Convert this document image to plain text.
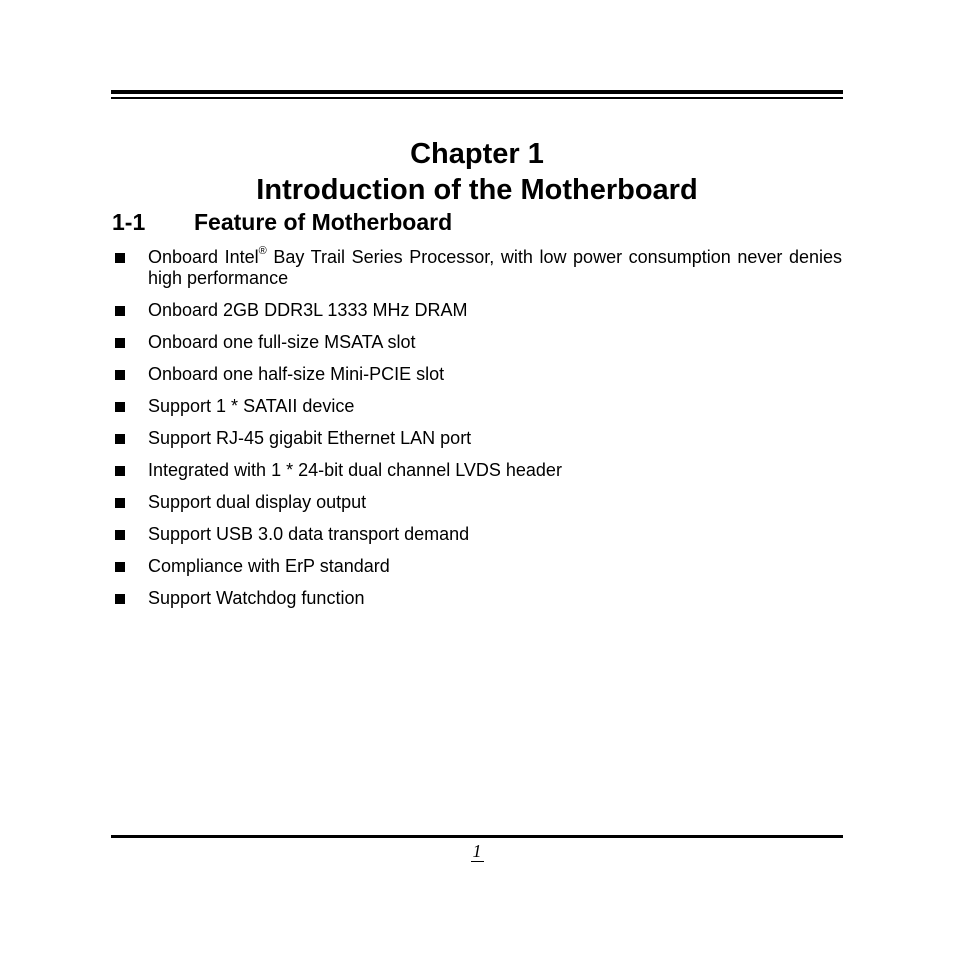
Chapter 1
Introduction of the Motherboard
1-1 Feature of Motherboard
Onboard Intel® Bay Trail Series Processor, with low power consumption never denies high performance
Onboard 2GB DDR3L 1333 MHz DRAM
Onboard one full-size MSATA slot
Onboard one half-size Mini-PCIE slot
Support 1 * SATAII device
Support RJ-45 gigabit Ethernet LAN port
Integrated with 1 * 24-bit dual channel LVDS header
Support dual display output
Support USB 3.0 data transport demand
Compliance with ErP standard
Support Watchdog function
1
